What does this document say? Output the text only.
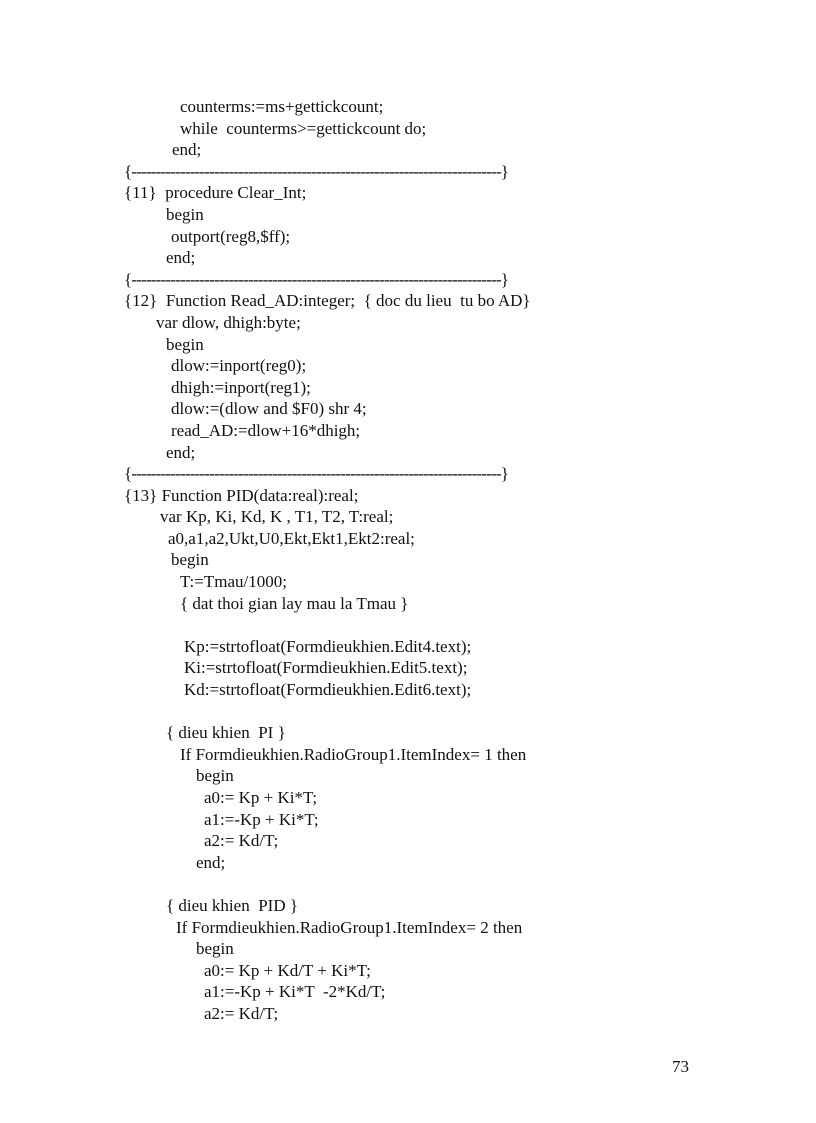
counterms:=ms+gettickcount;
while  counterms>=gettickcount do;
end;
{----------------------------------------------------------------------------}
{11}  procedure Clear_Int;
begin
outport(reg8,$ff);
end;
{----------------------------------------------------------------------------}
{12}  Function Read_AD:integer;  { doc du lieu  tu bo AD}
var dlow, dhigh:byte;
begin
dlow:=inport(reg0);
dhigh:=inport(reg1);
dlow:=(dlow and $F0) shr 4;
read_AD:=dlow+16*dhigh;
end;
{----------------------------------------------------------------------------}
{13} Function PID(data:real):real;
var Kp, Ki, Kd, K , T1, T2, T:real;
a0,a1,a2,Ukt,U0,Ekt,Ekt1,Ekt2:real;
begin
T:=Tmau/1000;
{ dat thoi gian lay mau la Tmau }
Kp:=strtofloat(Formdieukhien.Edit4.text);
Ki:=strtofloat(Formdieukhien.Edit5.text);
Kd:=strtofloat(Formdieukhien.Edit6.text);
{ dieu khien  PI }
If Formdieukhien.RadioGroup1.ItemIndex= 1 then
begin
a0:= Kp + Ki*T;
a1:=-Kp + Ki*T;
a2:= Kd/T;
end;
{ dieu khien  PID }
If Formdieukhien.RadioGroup1.ItemIndex= 2 then
begin
a0:= Kp + Kd/T + Ki*T;
a1:=-Kp + Ki*T  -2*Kd/T;
a2:= Kd/T;
73
